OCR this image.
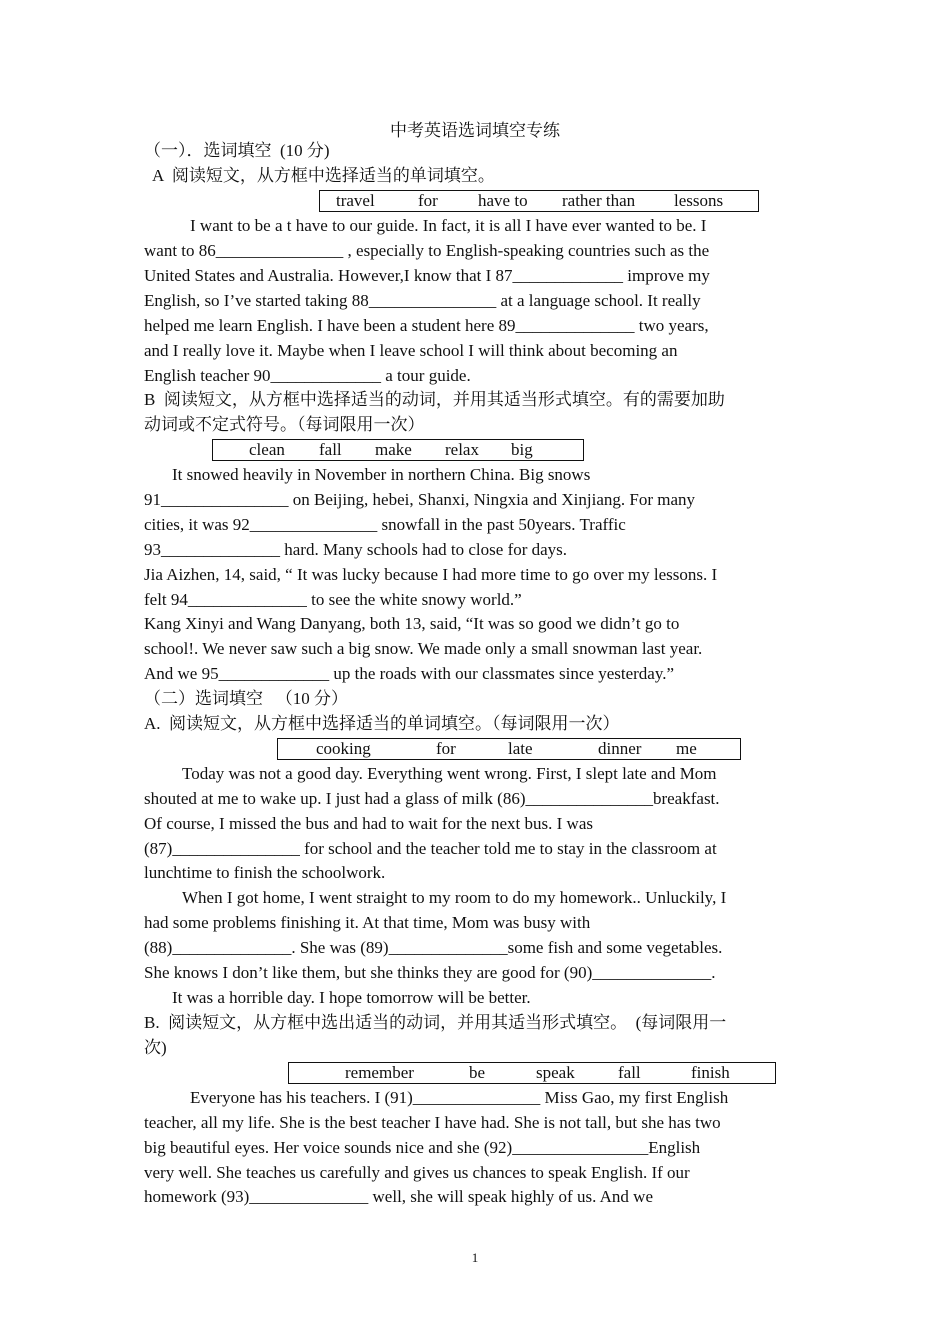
中考英语选词填空专练
（一）．选词填空  (10 分)
A  阅读短文，从方框中选择适当的单词填空。
travel	for	have to	rather than	lessons
I want to be a t have to our guide. In fact, it is all I have ever wanted to be. I
want to 86_______________ , especially to English-speaking countries such as the
United States and Australia. However,I know that I 87_____________ improve my
English, so I’ve started taking 88_______________ at a language school. It really
helped me learn English. I have been a student here 89______________ two years,
and I really love it. Maybe when I leave school I will think about becoming an
English teacher 90_____________ a tour guide.
B  阅读短文，从方框中选择适当的动词，并用其适当形式填空。有的需要加助
动词或不定式符号。（每词限用一次）
clean	fall	make	relax	big
It snowed heavily in November in northern China. Big snows
91_______________ on Beijing, hebei, Shanxi, Ningxia and Xinjiang. For many
cities, it was 92_______________ snowfall in the past 50years. Traffic
93______________ hard. Many schools had to close for days.
Jia Aizhen, 14, said, “ It was lucky because I had more time to go over my lessons. I
felt 94______________ to see the white snowy world.”
Kang Xinyi and Wang Danyang, both 13, said, “It was so good we didn’t go to
school!. We never saw such a big snow. We made only a small snowman last year.
And we 95_____________ up the roads with our classmates since yesterday.”
（二）选词填空   （10 分）
A.  阅读短文，从方框中选择适当的单词填空。（每词限用一次）
cooking	for	late	dinner	me
Today was not a good day. Everything went wrong. First, I slept late and Mom
shouted at me to wake up. I just had a glass of milk (86)_______________breakfast.
Of course, I missed the bus and had to wait for the next bus. I was
(87)_______________ for school and the teacher told me to stay in the classroom at
lunchtime to finish the schoolwork.
When I got home, I went straight to my room to do my homework.. Unluckily, I
had some problems finishing it. At that time, Mom was busy with
(88)______________. She was (89)______________some fish and some vegetables.
She knows I don’t like them, but she thinks they are good for (90)______________.
It was a horrible day. I hope tomorrow will be better.
B.  阅读短文，从方框中选出适当的动词，并用其适当形式填空。  (每词限用一
次)
remember	be	speak	fall	finish
Everyone has his teachers. I (91)_______________ Miss Gao, my first English
teacher, all my life. She is the best teacher I have had. She is not tall, but she has two
big beautiful eyes. Her voice sounds nice and she (92)________________English
very well. She teaches us carefully and gives us chances to speak English. If our
homework (93)______________ well, she will speak highly of us. And we
1
